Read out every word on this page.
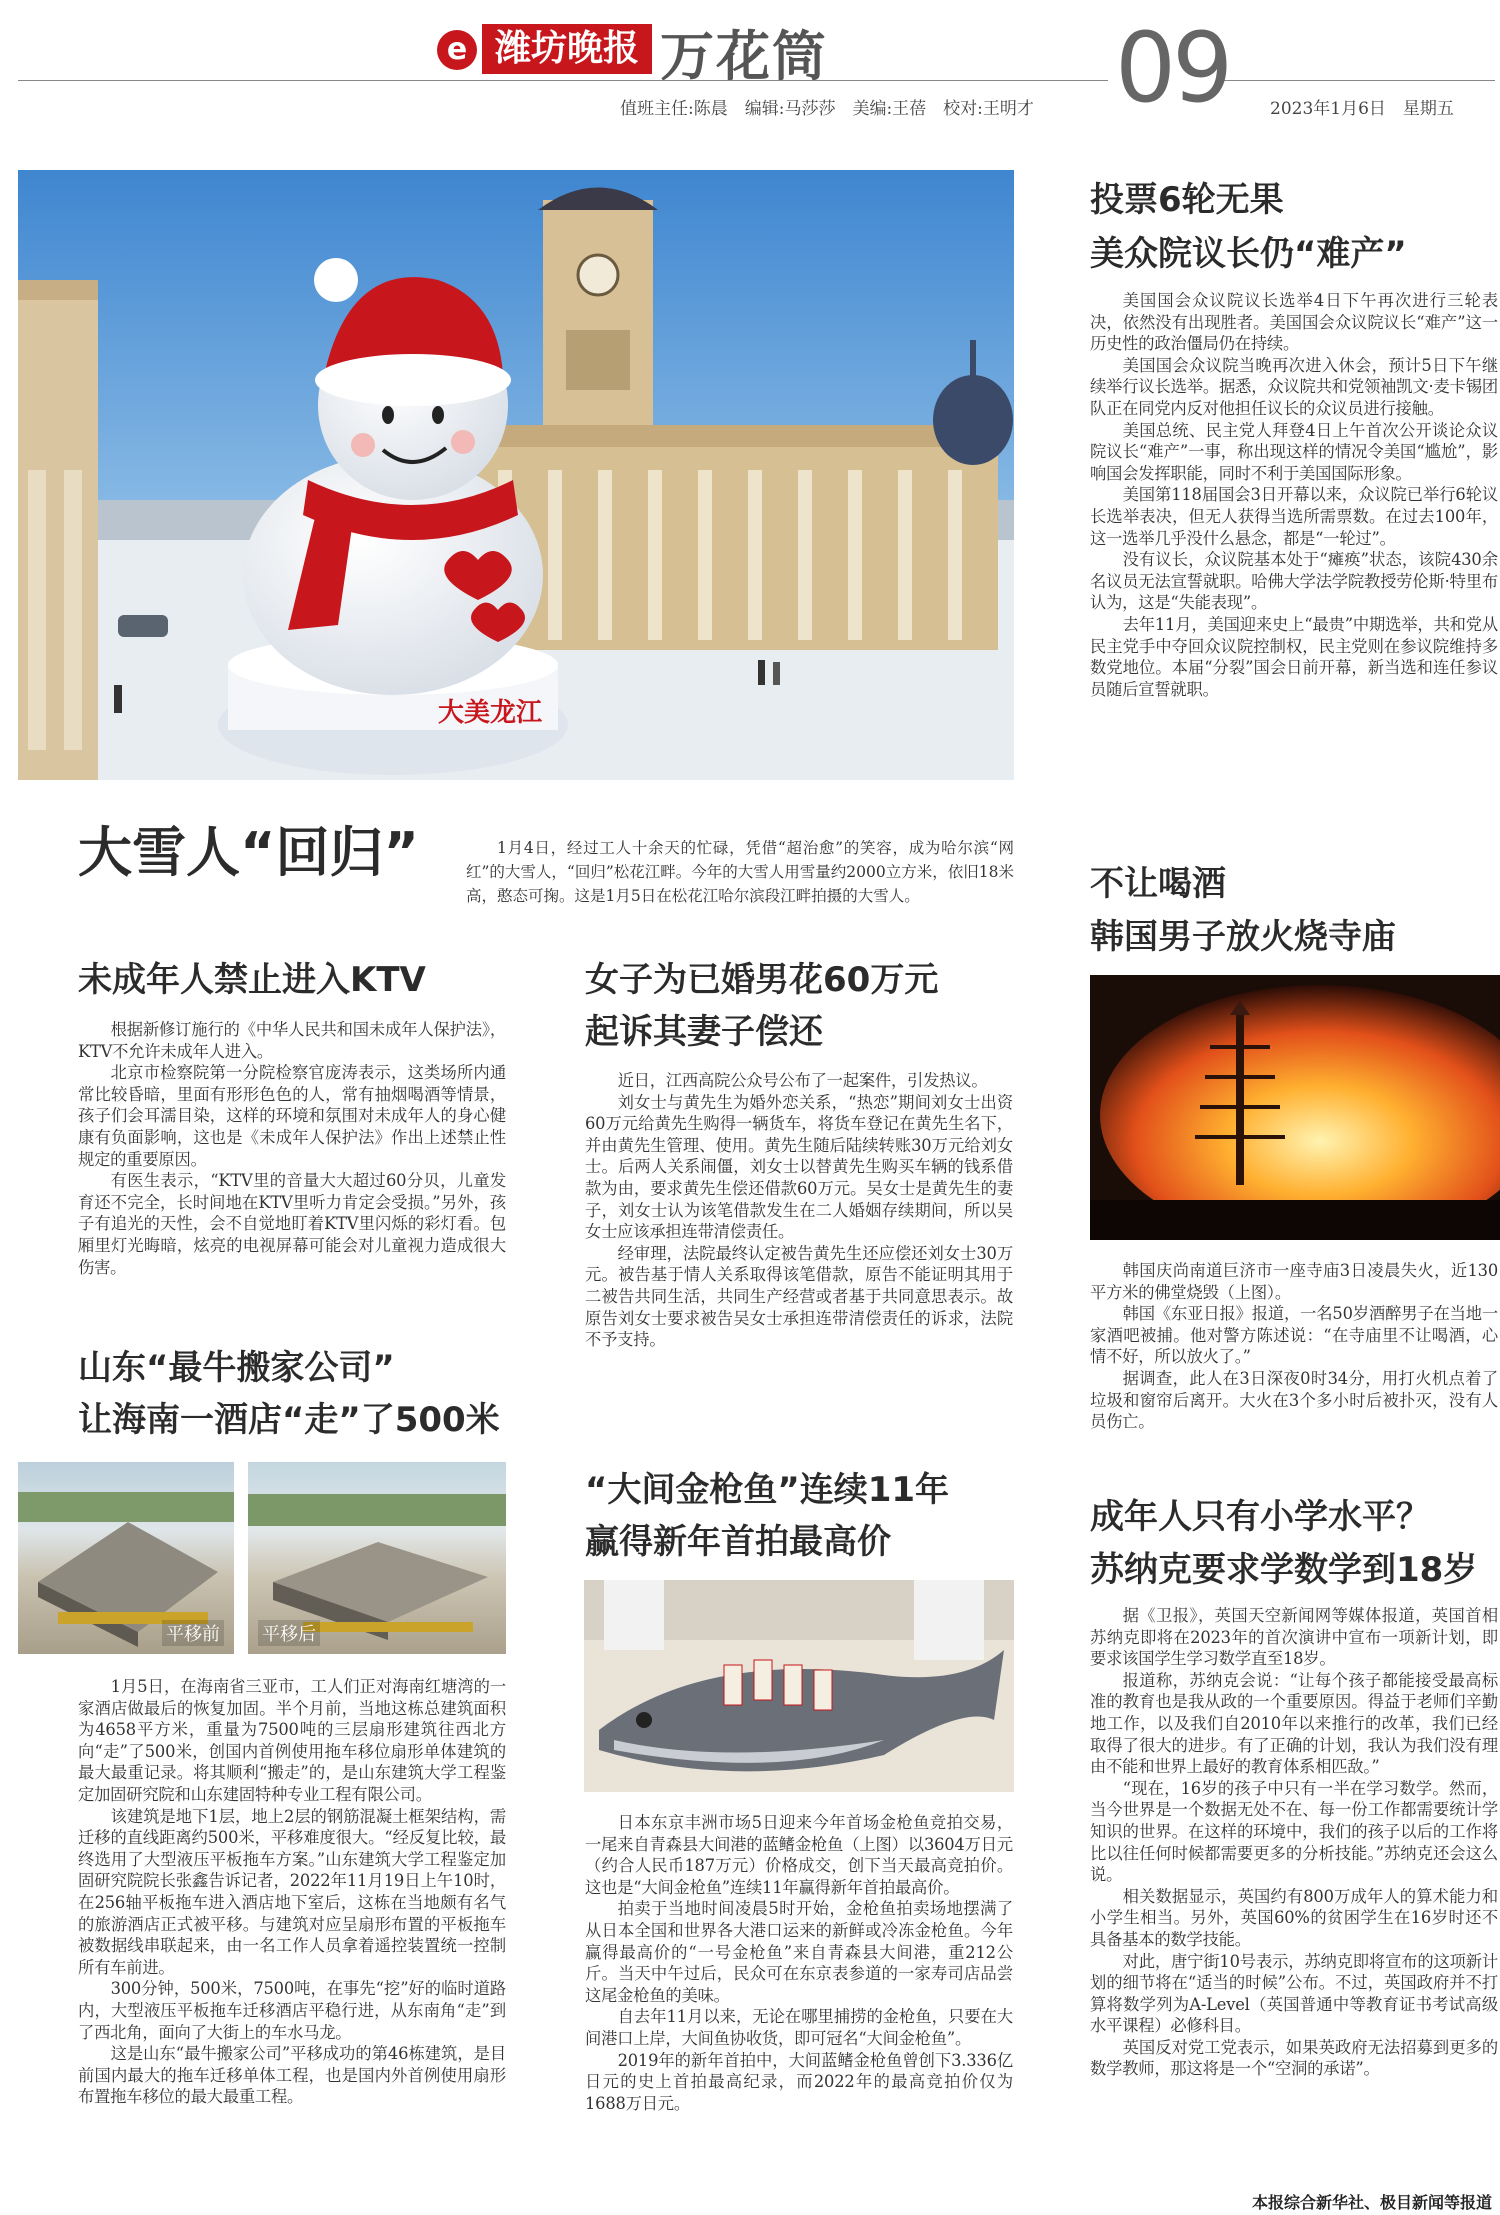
e 潍坊晚报 万花筒	09
值班主任:陈晨　编辑:马莎莎　美编:王蓓　校对:王明才	2023年1月6日　星期五
大美龙江
大雪人“回归”	1月4日，经过工人十余天的忙碌，凭借“超治愈”的笑容，成为哈尔滨“网红”的大雪人，“回归”松花江畔。今年的大雪人用雪量约2000立方米，依旧18米高，憨态可掬。这是1月5日在松花江哈尔滨段江畔拍摄的大雪人。
未成年人禁止进入KTV

根据新修订施行的《中华人民共和国未成年人保护法》，KTV不允许未成年人进入。

北京市检察院第一分院检察官庞涛表示，这类场所内通常比较昏暗，里面有形形色色的人，常有抽烟喝酒等情景，孩子们会耳濡目染，这样的环境和氛围对未成年人的身心健康有负面影响，这也是《未成年人保护法》作出上述禁止性规定的重要原因。

有医生表示，“KTV里的音量大大超过60分贝，儿童发育还不完全，长时间地在KTV里听力肯定会受损。”另外，孩子有追光的天性，会不自觉地盯着KTV里闪烁的彩灯看。包厢里灯光晦暗，炫亮的电视屏幕可能会对儿童视力造成很大伤害。

山东“最牛搬家公司”
让海南一酒店“走”了500米
平移前 平移后

1月5日，在海南省三亚市，工人们正对海南红塘湾的一家酒店做最后的恢复加固。半个月前，当地这栋总建筑面积为4658平方米，重量为7500吨的三层扇形建筑往西北方向“走”了500米，创国内首例使用拖车移位扇形单体建筑的最大最重记录。将其顺利“搬走”的，是山东建筑大学工程鉴定加固研究院和山东建固特种专业工程有限公司。

该建筑是地下1层，地上2层的钢筋混凝土框架结构，需迁移的直线距离约500米，平移难度很大。“经反复比较，最终选用了大型液压平板拖车方案。”山东建筑大学工程鉴定加固研究院院长张鑫告诉记者，2022年11月19日上午10时，在256轴平板拖车进入酒店地下室后，这栋在当地颇有名气的旅游酒店正式被平移。与建筑对应呈扇形布置的平板拖车被数据线串联起来，由一名工作人员拿着遥控装置统一控制所有车前进。

300分钟，500米，7500吨，在事先“挖”好的临时道路内，大型液压平板拖车迁移酒店平稳行进，从东南角“走”到了西北角，面向了大街上的车水马龙。

这是山东“最牛搬家公司”平移成功的第46栋建筑，是目前国内最大的拖车迁移单体工程，也是国内外首例使用扇形布置拖车移位的最大最重工程。

女子为已婚男花60万元
起诉其妻子偿还

近日，江西高院公众号公布了一起案件，引发热议。

刘女士与黄先生为婚外恋关系，“热恋”期间刘女士出资60万元给黄先生购得一辆货车，将货车登记在黄先生名下，并由黄先生管理、使用。黄先生随后陆续转账30万元给刘女士。后两人关系闹僵，刘女士以替黄先生购买车辆的钱系借款为由，要求黄先生偿还借款60万元。吴女士是黄先生的妻子，刘女士认为该笔借款发生在二人婚姻存续期间，所以吴女士应该承担连带清偿责任。

经审理，法院最终认定被告黄先生还应偿还刘女士30万元。被告基于情人关系取得该笔借款，原告不能证明其用于二被告共同生活，共同生产经营或者基于共同意思表示。故原告刘女士要求被告吴女士承担连带清偿责任的诉求，法院不予支持。

“大间金枪鱼”连续11年
赢得新年首拍最高价

日本东京丰洲市场5日迎来今年首场金枪鱼竞拍交易，一尾来自青森县大间港的蓝鳍金枪鱼（上图）以3604万日元（约合人民币187万元）价格成交，创下当天最高竞拍价。这也是“大间金枪鱼”连续11年赢得新年首拍最高价。

拍卖于当地时间凌晨5时开始，金枪鱼拍卖场地摆满了从日本全国和世界各大港口运来的新鲜或冷冻金枪鱼。今年赢得最高价的“一号金枪鱼”来自青森县大间港，重212公斤。当天中午过后，民众可在东京表参道的一家寿司店品尝这尾金枪鱼的美味。

自去年11月以来，无论在哪里捕捞的金枪鱼，只要在大间港口上岸，大间鱼协收货，即可冠名“大间金枪鱼”。

2019年的新年首拍中，大间蓝鳍金枪鱼曾创下3.336亿日元的史上首拍最高纪录，而2022年的最高竞拍价仅为1688万日元。

投票6轮无果
美众院议长仍“难产”

美国国会众议院议长选举4日下午再次进行三轮表决，依然没有出现胜者。美国国会众议院议长“难产”这一历史性的政治僵局仍在持续。

美国国会众议院当晚再次进入休会，预计5日下午继续举行议长选举。据悉，众议院共和党领袖凯文·麦卡锡团队正在同党内反对他担任议长的众议员进行接触。

美国总统、民主党人拜登4日上午首次公开谈论众议院议长“难产”一事，称出现这样的情况令美国“尴尬”，影响国会发挥职能，同时不利于美国国际形象。

美国第118届国会3日开幕以来，众议院已举行6轮议长选举表决，但无人获得当选所需票数。在过去100年，这一选举几乎没什么悬念，都是“一轮过”。

没有议长，众议院基本处于“瘫痪”状态，该院430余名议员无法宣誓就职。哈佛大学法学院教授劳伦斯·特里布认为，这是“失能表现”。

去年11月，美国迎来史上“最贵”中期选举，共和党从民主党手中夺回众议院控制权，民主党则在参议院维持多数党地位。本届“分裂”国会日前开幕，新当选和连任参议员随后宣誓就职。

不让喝酒
韩国男子放火烧寺庙

韩国庆尚南道巨济市一座寺庙3日凌晨失火，近130平方米的佛堂烧毁（上图）。

韩国《东亚日报》报道，一名50岁酒醉男子在当地一家酒吧被捕。他对警方陈述说：“在寺庙里不让喝酒，心情不好，所以放火了。”

据调查，此人在3日深夜0时34分，用打火机点着了垃圾和窗帘后离开。大火在3个多小时后被扑灭，没有人员伤亡。

成年人只有小学水平？
苏纳克要求学数学到18岁

据《卫报》，英国天空新闻网等媒体报道，英国首相苏纳克即将在2023年的首次演讲中宣布一项新计划，即要求该国学生学习数学直至18岁。

报道称，苏纳克会说：“让每个孩子都能接受最高标准的教育也是我从政的一个重要原因。得益于老师们辛勤地工作，以及我们自2010年以来推行的改革，我们已经取得了很大的进步。有了正确的计划，我认为我们没有理由不能和世界上最好的教育体系相匹敌。”

“现在，16岁的孩子中只有一半在学习数学。然而，当今世界是一个数据无处不在、每一份工作都需要统计学知识的世界。在这样的环境中，我们的孩子以后的工作将比以往任何时候都需要更多的分析技能。”苏纳克还会这么说。

相关数据显示，英国约有800万成年人的算术能力和小学生相当。另外，英国60%的贫困学生在16岁时还不具备基本的数学技能。

对此，唐宁街10号表示，苏纳克即将宣布的这项新计划的细节将在“适当的时候”公布。不过，英国政府并不打算将数学列为A-Level（英国普通中等教育证书考试高级水平课程）必修科目。

英国反对党工党表示，如果英政府无法招募到更多的数学教师，那这将是一个“空洞的承诺”。

本报综合新华社、极目新闻等报道
